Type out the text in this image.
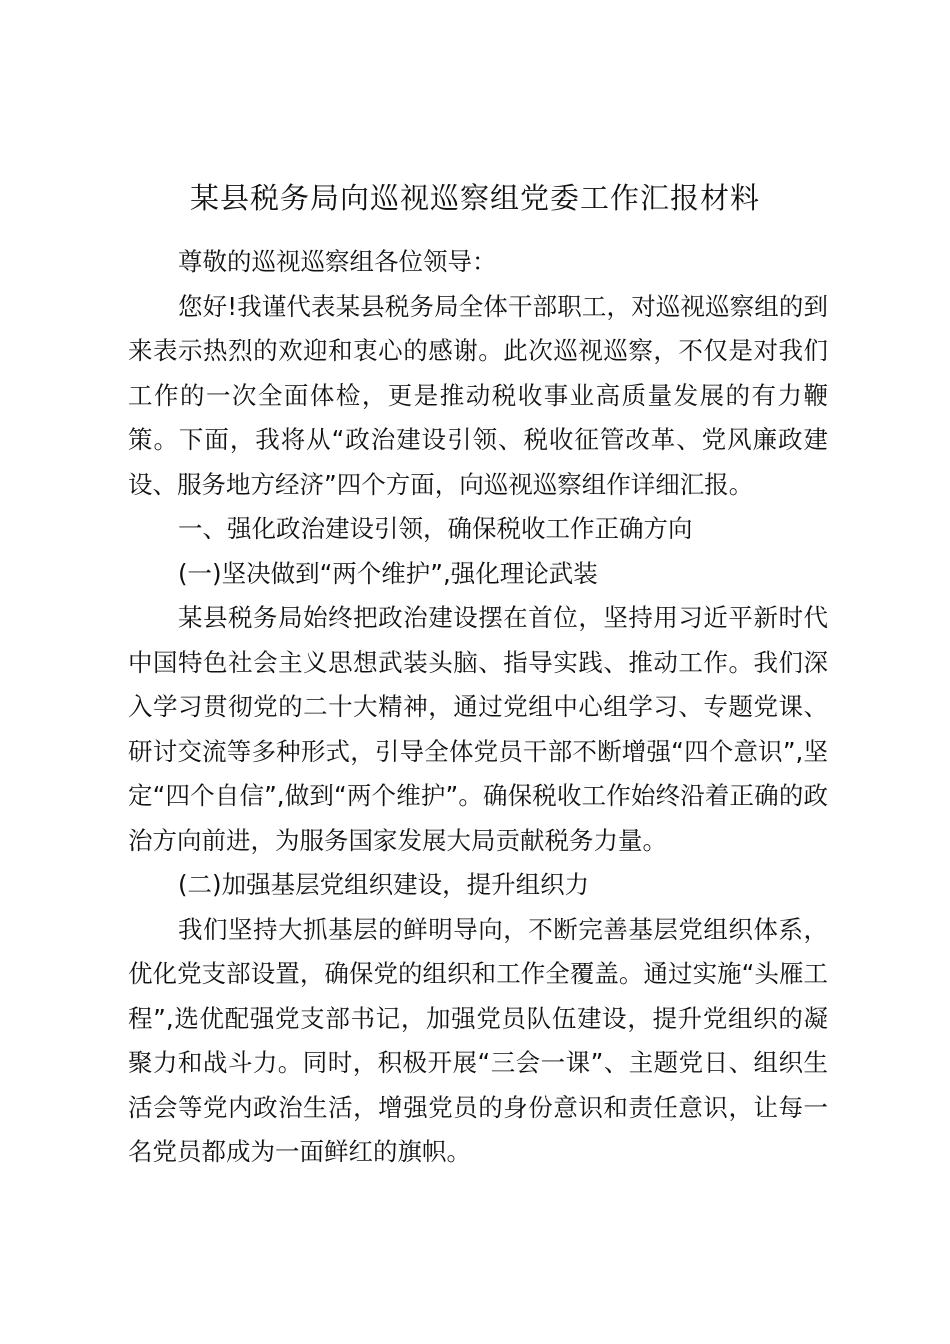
某县税务局向巡视巡察组党委工作汇报材料

尊敬的巡视巡察组各位领导：

您好!我谨代表某县税务局全体干部职工，对巡视巡察组的到来表示热烈的欢迎和衷心的感谢。此次巡视巡察，不仅是对我们工作的一次全面体检，更是推动税收事业高质量发展的有力鞭策。下面，我将从“政治建设引领、税收征管改革、党风廉政建设、服务地方经济”四个方面，向巡视巡察组作详细汇报。

一、强化政治建设引领，确保税收工作正确方向

(一)坚决做到“两个维护”,强化理论武装

某县税务局始终把政治建设摆在首位，坚持用习近平新时代中国特色社会主义思想武装头脑、指导实践、推动工作。我们深入学习贯彻党的二十大精神，通过党组中心组学习、专题党课、研讨交流等多种形式，引导全体党员干部不断增强“四个意识”,坚定“四个自信”,做到“两个维护”。确保税收工作始终沿着正确的政治方向前进，为服务国家发展大局贡献税务力量。

(二)加强基层党组织建设，提升组织力

我们坚持大抓基层的鲜明导向，不断完善基层党组织体系，优化党支部设置，确保党的组织和工作全覆盖。通过实施“头雁工程”,选优配强党支部书记，加强党员队伍建设，提升党组织的凝聚力和战斗力。同时，积极开展“三会一课”、主题党日、组织生活会等党内政治生活，增强党员的身份意识和责任意识，让每一名党员都成为一面鲜红的旗帜。
